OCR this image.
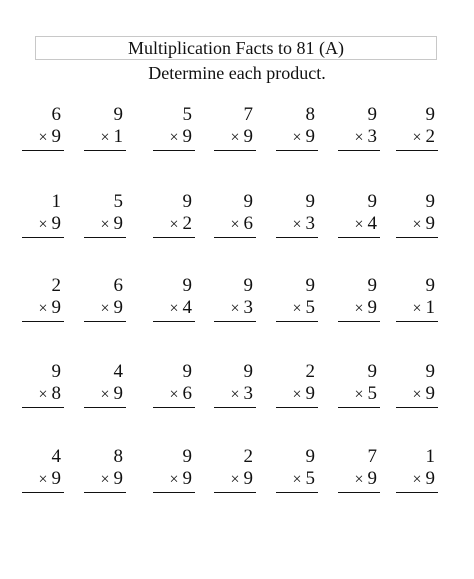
Multiplication Facts to 81 (A)
Determine each product.
6
× 9
9
× 1
5
× 9
7
× 9
8
× 9
9
× 3
9
× 2
1
× 9
5
× 9
9
× 2
9
× 6
9
× 3
9
× 4
9
× 9
2
× 9
6
× 9
9
× 4
9
× 3
9
× 5
9
× 9
9
× 1
9
× 8
4
× 9
9
× 6
9
× 3
2
× 9
9
× 5
9
× 9
4
× 9
8
× 9
9
× 9
2
× 9
9
× 5
7
× 9
1
× 9
